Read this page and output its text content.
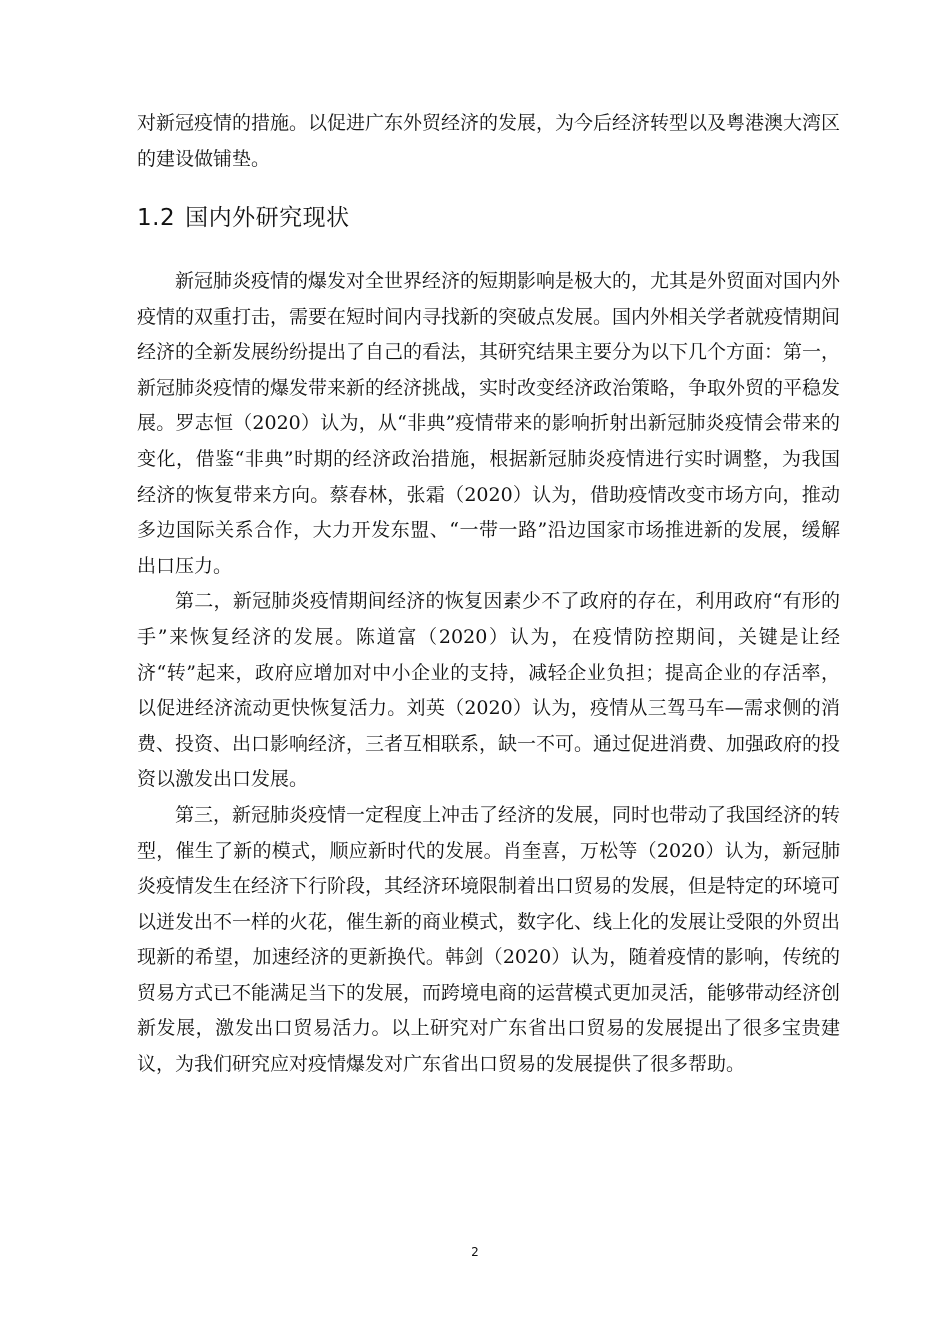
对新冠疫情的措施。以促进广东外贸经济的发展，为今后经济转型以及粤港澳大湾区的建设做铺垫。

1.2 国内外研究现状

新冠肺炎疫情的爆发对全世界经济的短期影响是极大的，尤其是外贸面对国内外疫情的双重打击，需要在短时间内寻找新的突破点发展。国内外相关学者就疫情期间经济的全新发展纷纷提出了自己的看法，其研究结果主要分为以下几个方面：第一，新冠肺炎疫情的爆发带来新的经济挑战，实时改变经济政治策略，争取外贸的平稳发展。罗志恒（2020）认为，从“非典”疫情带来的影响折射出新冠肺炎疫情会带来的变化，借鉴“非典”时期的经济政治措施，根据新冠肺炎疫情进行实时调整，为我国经济的恢复带来方向。蔡春林，张霜（2020）认为，借助疫情改变市场方向，推动多边国际关系合作，大力开发东盟、“一带一路”沿边国家市场推进新的发展，缓解出口压力。

第二，新冠肺炎疫情期间经济的恢复因素少不了政府的存在，利用政府“有形的手”来恢复经济的发展。陈道富（2020）认为，在疫情防控期间，关键是让经济“转”起来，政府应增加对中小企业的支持，减轻企业负担；提高企业的存活率，以促进经济流动更快恢复活力。刘英（2020）认为，疫情从三驾马车—需求侧的消费、投资、出口影响经济，三者互相联系，缺一不可。通过促进消费、加强政府的投资以激发出口发展。

第三，新冠肺炎疫情一定程度上冲击了经济的发展，同时也带动了我国经济的转型，催生了新的模式，顺应新时代的发展。肖奎喜，万松等（2020）认为，新冠肺炎疫情发生在经济下行阶段，其经济环境限制着出口贸易的发展，但是特定的环境可以迸发出不一样的火花，催生新的商业模式，数字化、线上化的发展让受限的外贸出现新的希望，加速经济的更新换代。韩剑（2020）认为，随着疫情的影响，传统的贸易方式已不能满足当下的发展，而跨境电商的运营模式更加灵活，能够带动经济创新发展，激发出口贸易活力。以上研究对广东省出口贸易的发展提出了很多宝贵建议，为我们研究应对疫情爆发对广东省出口贸易的发展提供了很多帮助。

2
